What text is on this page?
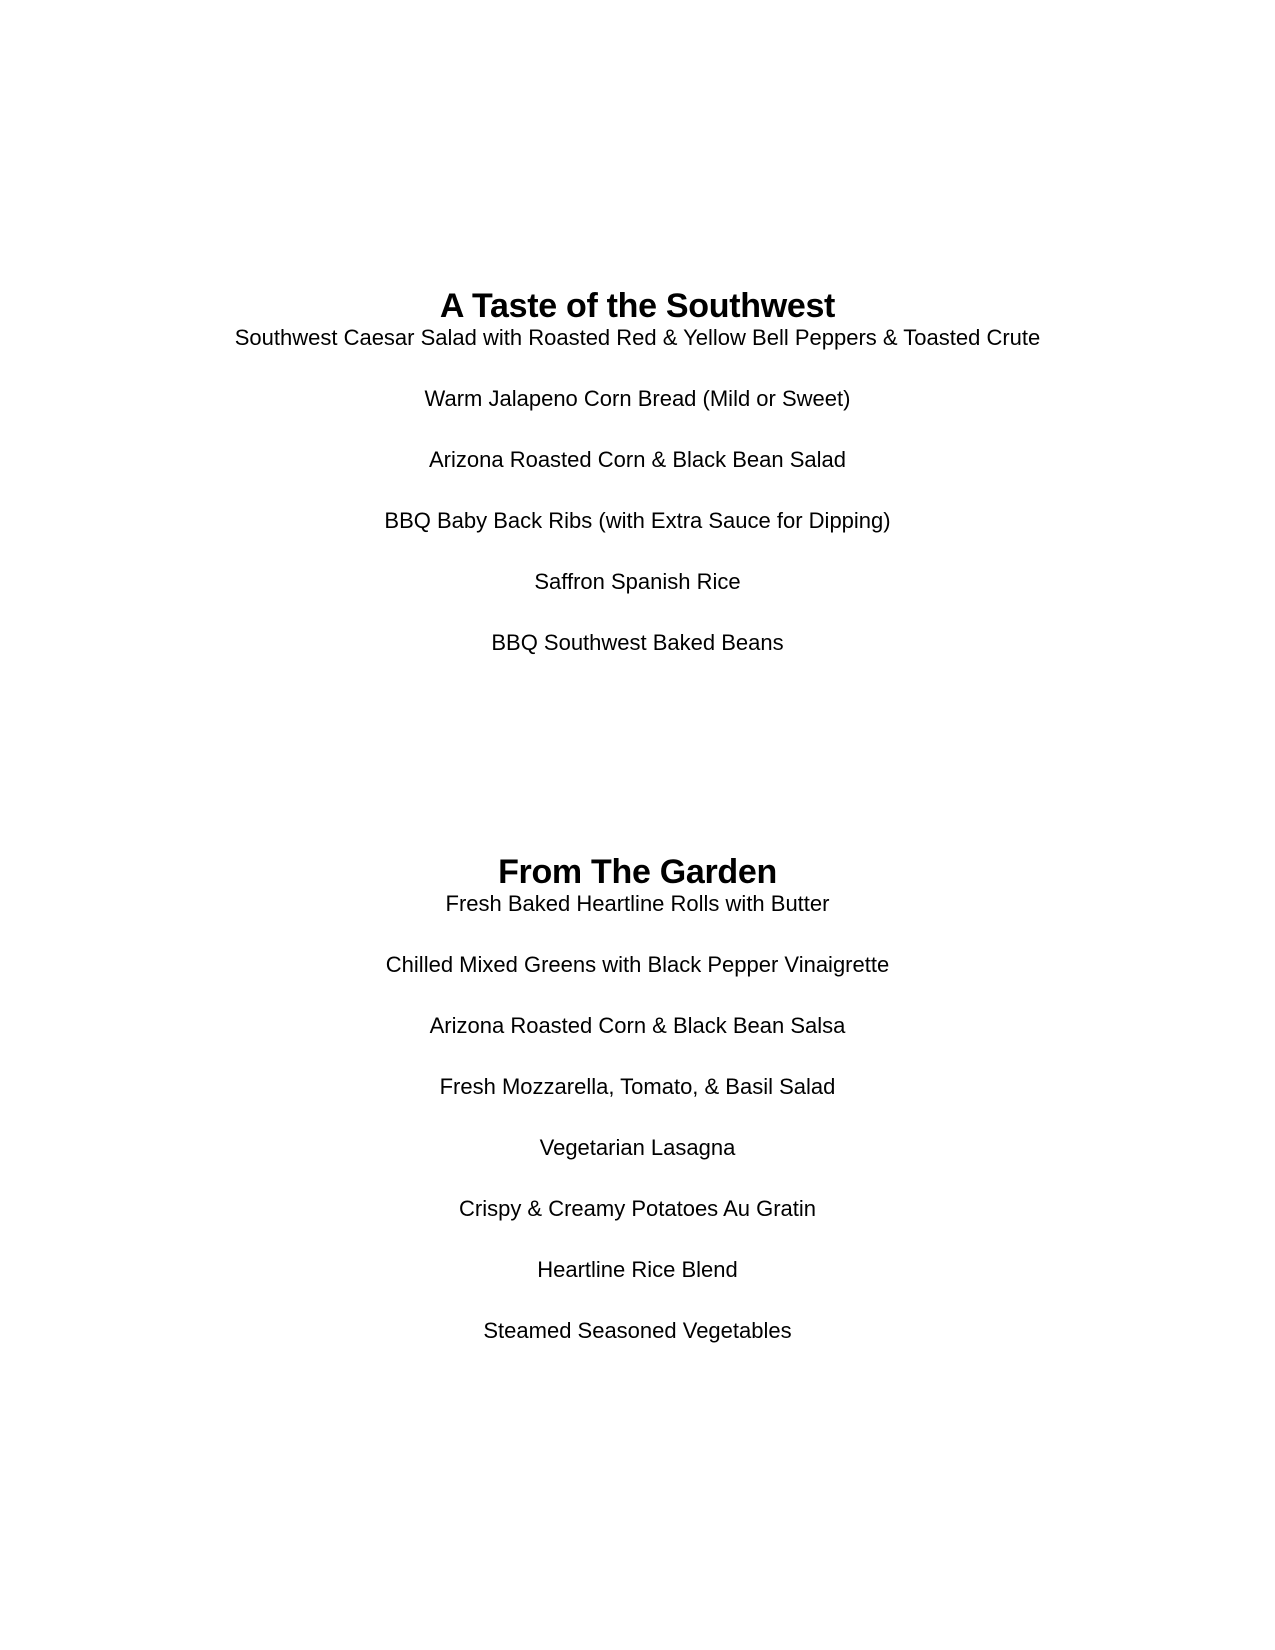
A Taste of the Southwest
Southwest Caesar Salad with Roasted Red & Yellow Bell Peppers & Toasted Crute
Warm Jalapeno Corn Bread (Mild or Sweet)
Arizona Roasted Corn & Black Bean Salad
BBQ Baby Back Ribs (with Extra Sauce for Dipping)
Saffron Spanish Rice
BBQ Southwest Baked Beans
From The Garden
Fresh Baked Heartline Rolls with Butter
Chilled Mixed Greens with Black Pepper Vinaigrette
Arizona Roasted Corn & Black Bean Salsa
Fresh Mozzarella, Tomato, & Basil Salad
Vegetarian Lasagna
Crispy & Creamy Potatoes Au Gratin
Heartline Rice Blend
Steamed Seasoned Vegetables
